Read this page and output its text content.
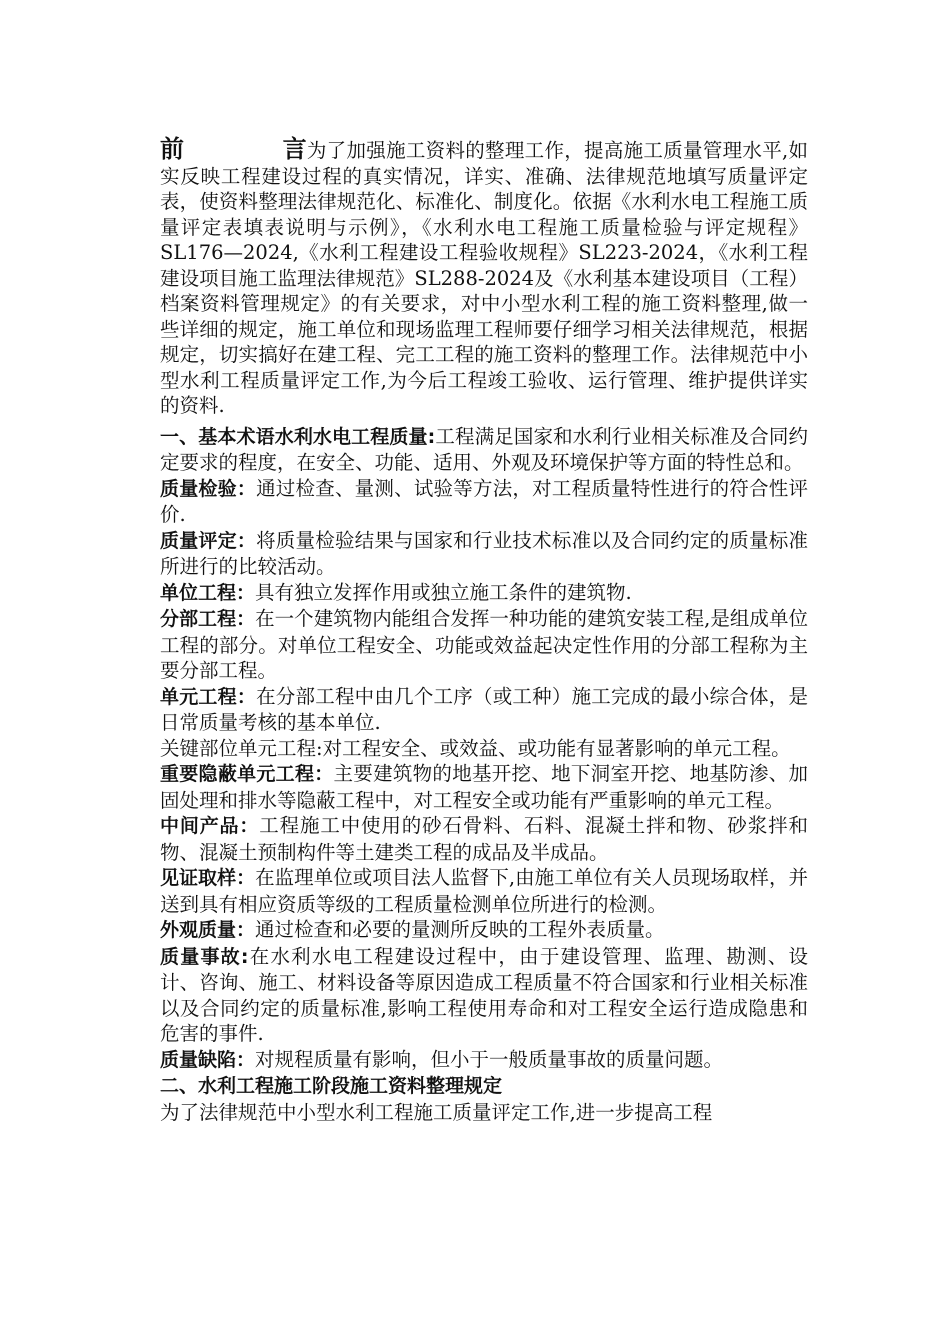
前	言为了加强施工资料的整理工作，提高施工质量管理水平,如实反映工程建设过程的真实情况，详实、准确、法律规范地填写质量评定表，使资料整理法律规范化、标准化、制度化。依据《水利水电工程施工质量评定表填表说明与示例》，《水利水电工程施工质量检验与评定规程》SL176—2024,《水利工程建设工程验收规程》SL223-2024，《水利工程建设项目施工监理法律规范》SL288-2024及《水利基本建设项目（工程）档案资料管理规定》的有关要求，对中小型水利工程的施工资料整理,做一些详细的规定，施工单位和现场监理工程师要仔细学习相关法律规范，根据规定，切实搞好在建工程、完工工程的施工资料的整理工作。法律规范中小型水利工程质量评定工作,为今后工程竣工验收、运行管理、维护提供详实的资料.

一、基本术语水利水电工程质量:工程满足国家和水利行业相关标准及合同约定要求的程度，在安全、功能、适用、外观及环境保护等方面的特性总和。

质量检验：通过检查、量测、试验等方法，对工程质量特性进行的符合性评价.

质量评定：将质量检验结果与国家和行业技术标准以及合同约定的质量标准所进行的比较活动。

单位工程：具有独立发挥作用或独立施工条件的建筑物.

分部工程：在一个建筑物内能组合发挥一种功能的建筑安装工程,是组成单位工程的部分。对单位工程安全、功能或效益起决定性作用的分部工程称为主要分部工程。

单元工程：在分部工程中由几个工序（或工种）施工完成的最小综合体，是日常质量考核的基本单位.

关键部位单元工程:对工程安全、或效益、或功能有显著影响的单元工程。

重要隐蔽单元工程：主要建筑物的地基开挖、地下洞室开挖、地基防渗、加固处理和排水等隐蔽工程中，对工程安全或功能有严重影响的单元工程。

中间产品：工程施工中使用的砂石骨料、石料、混凝土拌和物、砂浆拌和物、混凝土预制构件等土建类工程的成品及半成品。

见证取样：在监理单位或项目法人监督下,由施工单位有关人员现场取样，并送到具有相应资质等级的工程质量检测单位所进行的检测。

外观质量：通过检查和必要的量测所反映的工程外表质量。

质量事故:在水利水电工程建设过程中，由于建设管理、监理、勘测、设计、咨询、施工、材料设备等原因造成工程质量不符合国家和行业相关标准以及合同约定的质量标准,影响工程使用寿命和对工程安全运行造成隐患和危害的事件.

质量缺陷：对规程质量有影响，但小于一般质量事故的质量问题。

二、水利工程施工阶段施工资料整理规定

为了法律规范中小型水利工程施工质量评定工作,进一步提高工程
